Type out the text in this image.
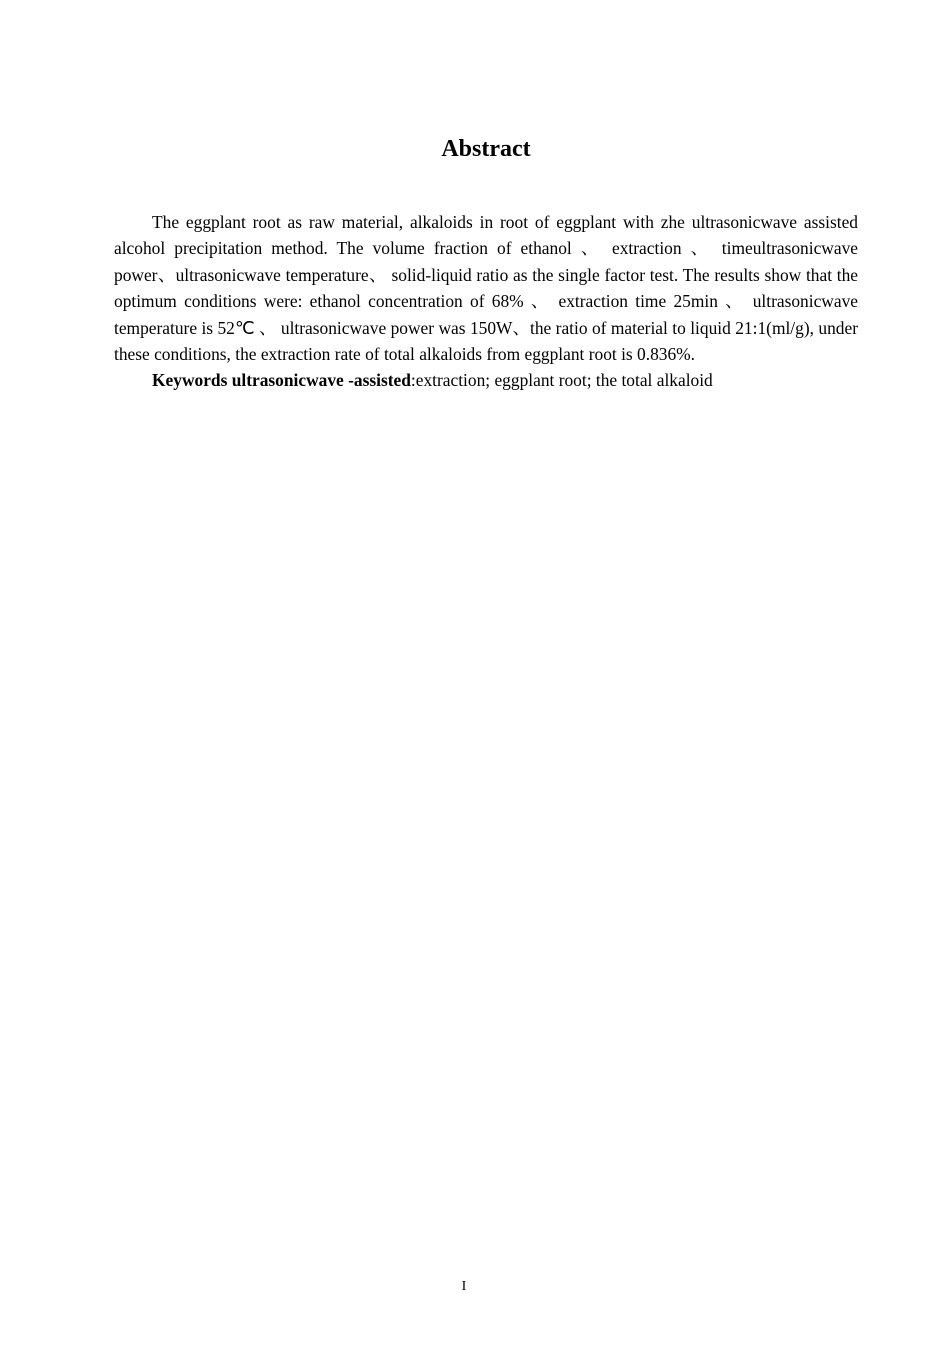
Abstract

The eggplant root as raw material, alkaloids in root of eggplant with zhe ultrasonicwave assisted alcohol precipitation method. The volume fraction of ethanol 、 extraction 、 timeultrasonicwave power、ultrasonicwave temperature、 solid-liquid ratio as the single factor test. The results show that the optimum conditions were: ethanol concentration of 68% 、 extraction time 25min 、 ultrasonicwave temperature is 52℃ 、 ultrasonicwave power was 150W、the ratio of material to liquid 21:1(ml/g), under these conditions, the extraction rate of total alkaloids from eggplant root is 0.836%.

Keywords ultrasonicwave -assisted:extraction; eggplant root; the total alkaloid

I
